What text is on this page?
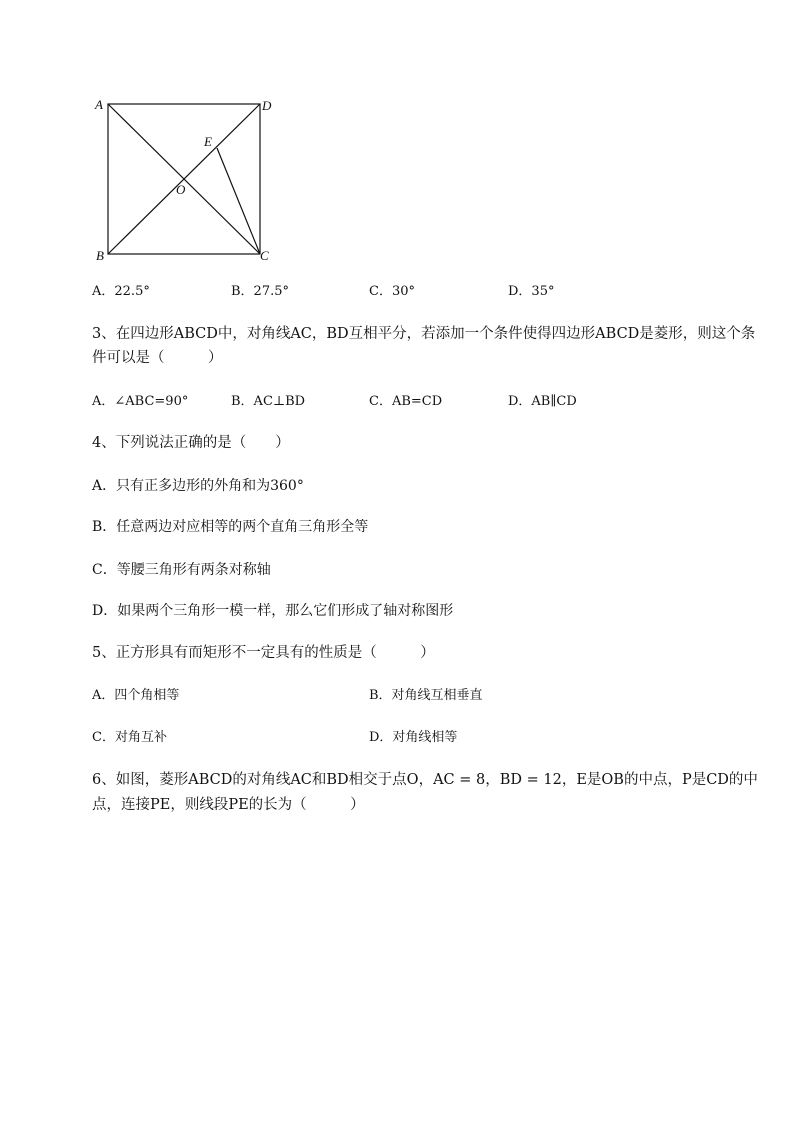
A	D
E
O
B	C
A．22.5°	B．27.5°	C．30°	D．35°
3、在四边形ABCD中，对角线AC，BD互相平分，若添加一个条件使得四边形ABCD是菱形，则这个条
件可以是（　　　）
A．∠ABC=90°	B．AC⊥BD	C．AB=CD	D．AB∥CD
4、下列说法正确的是（　　）
A．只有正多边形的外角和为360°
B．任意两边对应相等的两个直角三角形全等
C．等腰三角形有两条对称轴
D．如果两个三角形一模一样，那么它们形成了轴对称图形
5、正方形具有而矩形不一定具有的性质是（　　　）
A．四个角相等	B．对角线互相垂直
C．对角互补	D．对角线相等
6、如图，菱形ABCD的对角线AC和BD相交于点O，AC = 8，BD = 12，E是OB的中点，P是CD的中
点，连接PE，则线段PE的长为（　　　）
